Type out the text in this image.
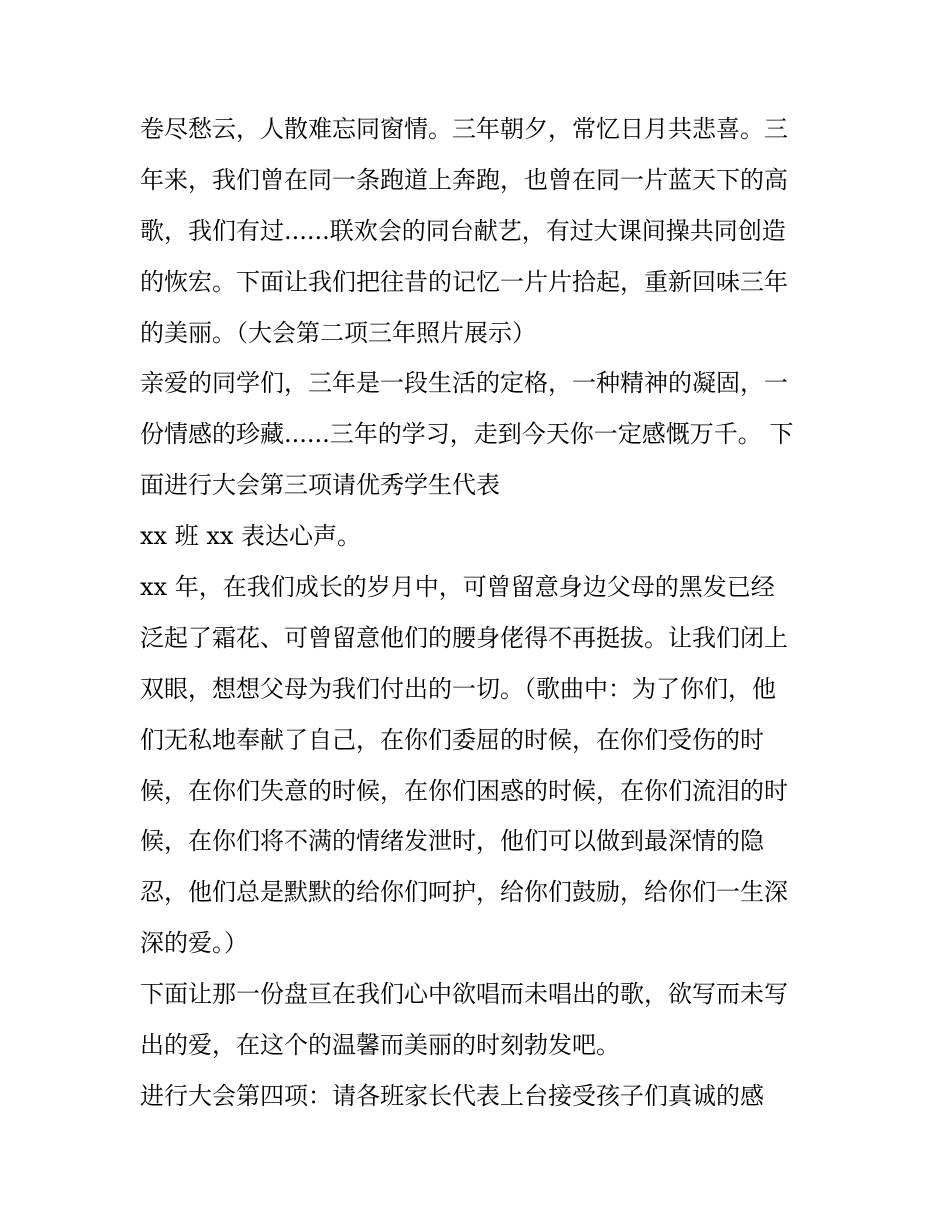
卷尽愁云，人散难忘同窗情。三年朝夕，常忆日月共悲喜。三
年来，我们曾在同一条跑道上奔跑，也曾在同一片蓝天下的高
歌，我们有过......联欢会的同台献艺，有过大课间操共同创造
的恢宏。下面让我们把往昔的记忆一片片拾起，重新回味三年
的美丽。（大会第二项三年照片展示）
亲爱的同学们，三年是一段生活的定格，一种精神的凝固，一
份情感的珍藏......三年的学习，走到今天你一定感慨万千。 下
面进行大会第三项请优秀学生代表
xx 班 xx 表达心声。
xx 年，在我们成长的岁月中，可曾留意身边父母的黑发已经
泛起了霜花、可曾留意他们的腰身佬得不再挺拔。让我们闭上
双眼，想想父母为我们付出的一切。（歌曲中：为了你们，他
们无私地奉献了自己，在你们委屈的时候，在你们受伤的时
候，在你们失意的时候，在你们困惑的时候，在你们流泪的时
候，在你们将不满的情绪发泄时，他们可以做到最深情的隐
忍，他们总是默默的给你们呵护，给你们鼓励，给你们一生深
深的爱。）
下面让那一份盘亘在我们心中欲唱而未唱出的歌，欲写而未写
出的爱，在这个的温馨而美丽的时刻勃发吧。
进行大会第四项：请各班家长代表上台接受孩子们真诚的感
